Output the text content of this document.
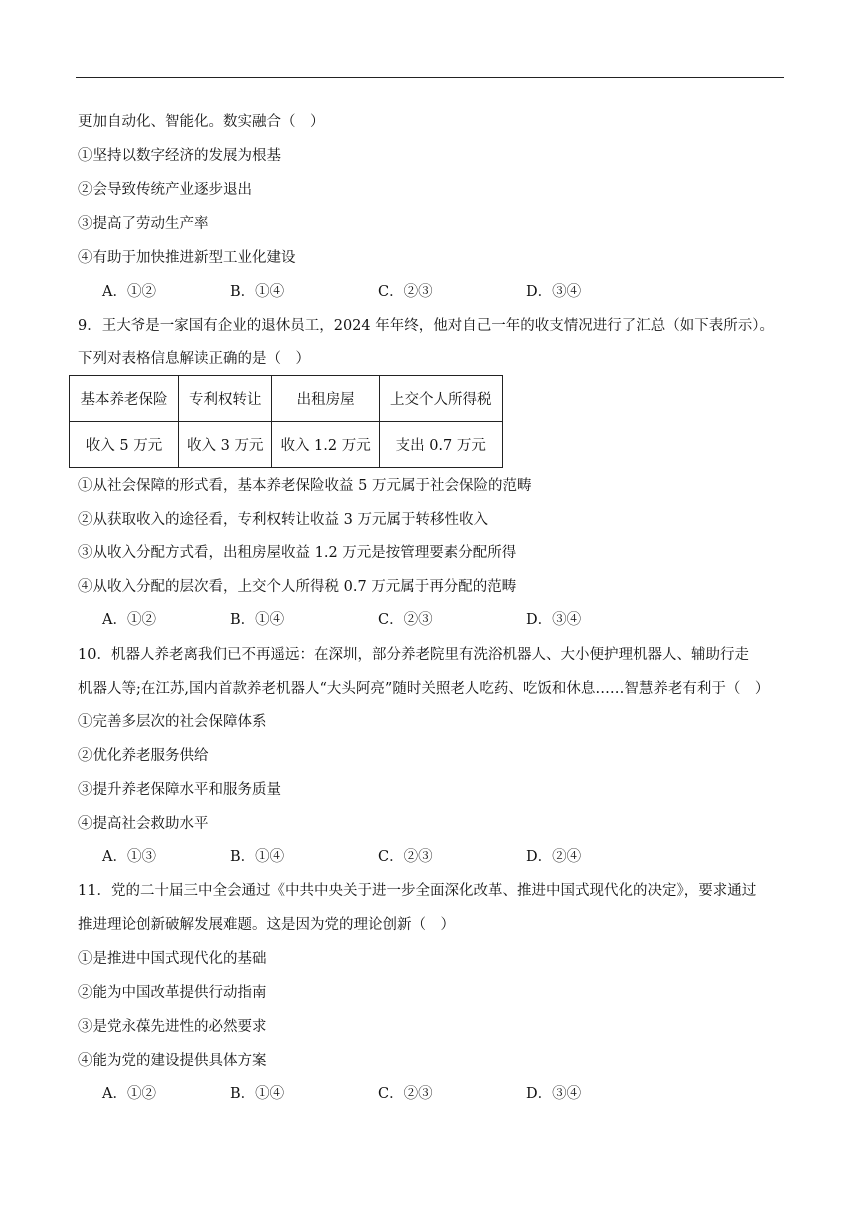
更加自动化、智能化。数实融合（　）
①坚持以数字经济的发展为根基
②会导致传统产业逐步退出
③提高了劳动生产率
④有助于加快推进新型工业化建设
A．①②	B．①④	C．②③	D．③④
9．王大爷是一家国有企业的退休员工，2024 年年终，他对自己一年的收支情况进行了汇总（如下表所示）。
下列对表格信息解读正确的是（　）
基本养老保险	专利权转让	出租房屋	上交个人所得税
收入 5 万元	收入 3 万元	收入 1.2 万元	支出 0.7 万元
①从社会保障的形式看，基本养老保险收益 5 万元属于社会保险的范畴
②从获取收入的途径看，专利权转让收益 3 万元属于转移性收入
③从收入分配方式看，出租房屋收益 1.2 万元是按管理要素分配所得
④从收入分配的层次看，上交个人所得税 0.7 万元属于再分配的范畴
A．①②	B．①④	C．②③	D．③④
10．机器人养老离我们已不再遥远：在深圳，部分养老院里有洗浴机器人、大小便护理机器人、辅助行走
机器人等;在江苏,国内首款养老机器人“大头阿亮”随时关照老人吃药、吃饭和休息……智慧养老有利于（　）
①完善多层次的社会保障体系
②优化养老服务供给
③提升养老保障水平和服务质量
④提高社会救助水平
A．①③	B．①④	C．②③	D．②④
11．党的二十届三中全会通过《中共中央关于进一步全面深化改革、推进中国式现代化的决定》，要求通过
推进理论创新破解发展难题。这是因为党的理论创新（　）
①是推进中国式现代化的基础
②能为中国改革提供行动指南
③是党永葆先进性的必然要求
④能为党的建设提供具体方案
A．①②	B．①④	C．②③	D．③④
